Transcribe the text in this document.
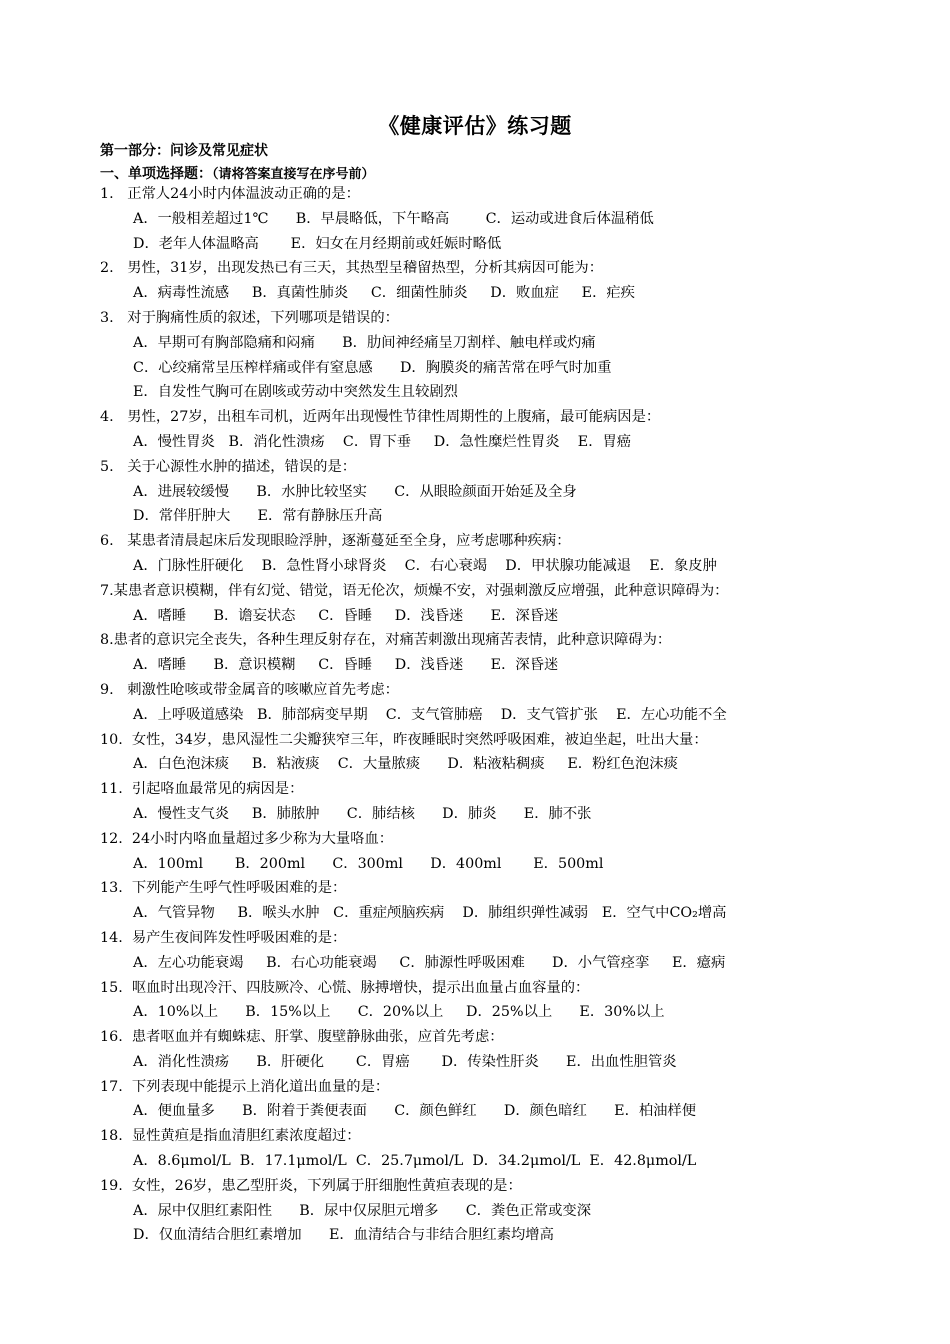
《健康评估》练习题
第一部分：问诊及常见症状
一、单项选择题：（请将答案直接写在序号前）
1. 正常人24小时内体温波动正确的是：
A．一般相差超过1℃      B．早晨略低，下午略高        C．运动或进食后体温稍低
D．老年人体温略高       E．妇女在月经期前或妊娠时略低
2. 男性，31岁，出现发热已有三天，其热型呈稽留热型，分析其病因可能为：
A．病毒性流感     B．真菌性肺炎     C．细菌性肺炎     D．败血症     E．疟疾
3. 对于胸痛性质的叙述，下列哪项是错误的：
A．早期可有胸部隐痛和闷痛      B．肋间神经痛呈刀割样、触电样或灼痛
C．心绞痛常呈压榨样痛或伴有窒息感      D．胸膜炎的痛苦常在呼气时加重
E．自发性气胸可在剧咳或劳动中突然发生且较剧烈
4. 男性，27岁，出租车司机，近两年出现慢性节律性周期性的上腹痛，最可能病因是：
A．慢性胃炎   B．消化性溃疡    C．胃下垂     D．急性糜烂性胃炎    E．胃癌
5. 关于心源性水肿的描述，错误的是：
A．进展较缓慢      B．水肿比较坚实      C．从眼睑颜面开始延及全身
D．常伴肝肿大      E．常有静脉压升高
6. 某患者清晨起床后发现眼睑浮肿，逐渐蔓延至全身，应考虑哪种疾病：
A．门脉性肝硬化    B．急性肾小球肾炎    C．右心衰竭    D．甲状腺功能减退    E．象皮肿
7.某患者意识模糊，伴有幻觉、错觉，语无伦次，烦燥不安，对强刺激反应增强，此种意识障碍为：
A．嗜睡      B．谵妄状态     C．昏睡     D．浅昏迷      E．深昏迷
8.患者的意识完全丧失，各种生理反射存在，对痛苦刺激出现痛苦表情，此种意识障碍为：
A．嗜睡      B．意识模糊     C．昏睡     D．浅昏迷      E．深昏迷
9. 刺激性呛咳或带金属音的咳嗽应首先考虑：
A．上呼吸道感染   B．肺部病变早期    C．支气管肺癌    D．支气管扩张    E．左心功能不全
10. 女性，34岁，患风湿性二尖瓣狭窄三年，昨夜睡眠时突然呼吸困难，被迫坐起，吐出大量：
A．白色泡沫痰     B．粘液痰    C．大量脓痰      D．粘液粘稠痰     E．粉红色泡沫痰
11. 引起咯血最常见的病因是：
A．慢性支气炎     B．肺脓肿      C．肺结核      D．肺炎      E．肺不张
12. 24小时内咯血量超过多少称为大量咯血：
A．100ml       B．200ml      C．300ml      D．400ml       E．500ml
13. 下列能产生呼气性呼吸困难的是：
A．气管异物     B．喉头水肿   C．重症颅脑疾病    D．肺组织弹性减弱   E．空气中CO₂增高
14. 易产生夜间阵发性呼吸困难的是：
A．左心功能衰竭     B．右心功能衰竭     C．肺源性呼吸困难      D．小气管痉挛     E．癔病
15. 呕血时出现冷汗、四肢厥冷、心慌、脉搏增快，提示出血量占血容量的：
A．10%以上      B．15%以上      C．20%以上     D．25%以上      E．30%以上
16. 患者呕血并有蜘蛛痣、肝掌、腹壁静脉曲张，应首先考虑：
A．消化性溃疡      B．肝硬化       C．胃癌       D．传染性肝炎      E．出血性胆管炎
17. 下列表现中能提示上消化道出血量的是：
A．便血量多      B．附着于粪便表面      C．颜色鲜红      D．颜色暗红      E．柏油样便
18. 显性黄疸是指血清胆红素浓度超过：
A．8.6μmol/L  B．17.1μmol/L  C．25.7μmol/L  D．34.2μmol/L  E．42.8μmol/L
19. 女性，26岁，患乙型肝炎，下列属于肝细胞性黄疸表现的是：
A．尿中仅胆红素阳性      B．尿中仅尿胆元增多      C．粪色正常或变深
D．仅血清结合胆红素增加      E．血清结合与非结合胆红素均增高
